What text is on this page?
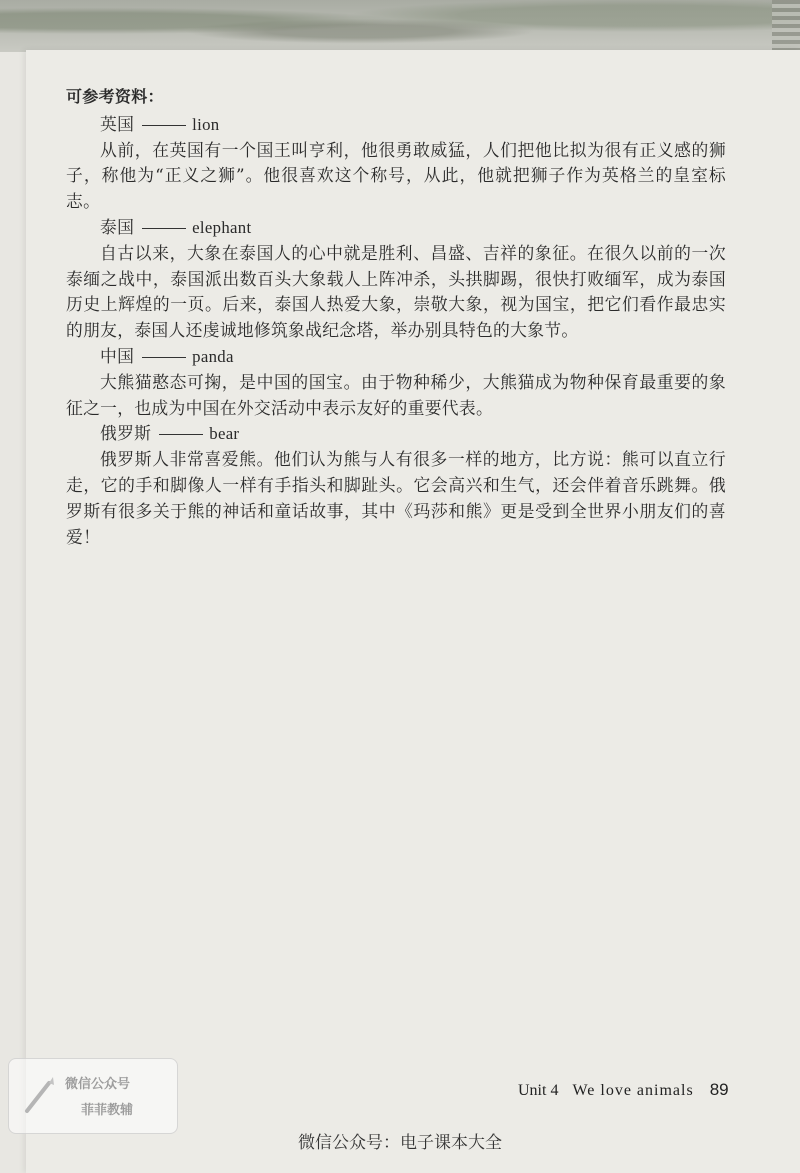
可参考资料：

英国	lion

从前，在英国有一个国王叫亨利，他很勇敢威猛，人们把他比拟为很有正义感的狮子，称他为“正义之狮”。他很喜欢这个称号，从此，他就把狮子作为英格兰的皇室标志。

泰国	elephant

自古以来，大象在泰国人的心中就是胜利、昌盛、吉祥的象征。在很久以前的一次泰缅之战中，泰国派出数百头大象载人上阵冲杀，头拱脚踢，很快打败缅军，成为泰国历史上辉煌的一页。后来，泰国人热爱大象，崇敬大象，视为国宝，把它们看作最忠实的朋友，泰国人还虔诚地修筑象战纪念塔，举办别具特色的大象节。

中国	panda

大熊猫憨态可掬，是中国的国宝。由于物种稀少，大熊猫成为物种保育最重要的象征之一，也成为中国在外交活动中表示友好的重要代表。

俄罗斯	bear

俄罗斯人非常喜爱熊。他们认为熊与人有很多一样的地方，比方说：熊可以直立行走，它的手和脚像人一样有手指头和脚趾头。它会高兴和生气，还会伴着音乐跳舞。俄罗斯有很多关于熊的神话和童话故事，其中《玛莎和熊》更是受到全世界小朋友们的喜爱！

微信公众号
菲菲教辅
Unit 4 We love animals 89
微信公众号：电子课本大全
